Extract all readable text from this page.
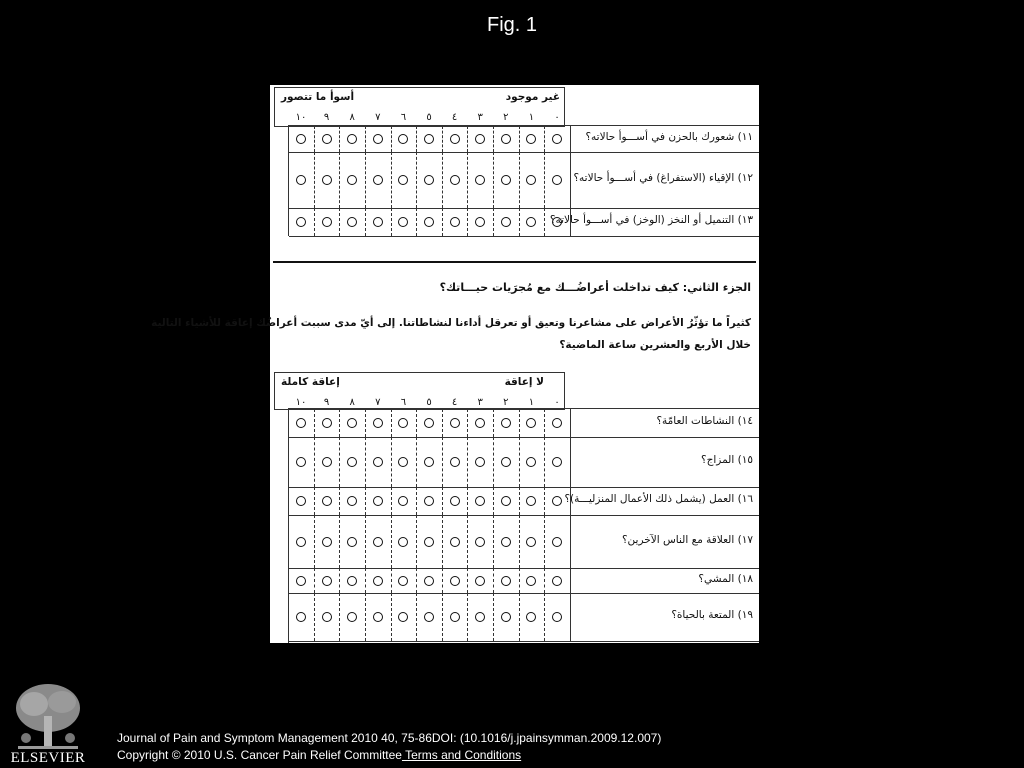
Fig. 1
أسوأ ما تتصور	غير موجود
١٠	٩	٨	٧	٦	٥	٤	٣	٢	١	٠
١١) شعورك بالحزن في أســـوأ حالاته؟
١٢) الإقياء (الاستفراغ) في أســـوأ حالاته؟
١٣) التنميل أو النخز (الوخز) في أســـوأ حالاته؟
الجزء الثاني: كيف تداخلت أعراضُـــك مع مُجرَيات حيـــاتك؟
كثيراً ما تؤثّرُ الأعراض على مشاعرنا وتعيق أو تعرقل أداءنا لنشاطاتنا. إلى أيّ مدى سببت أعراضُك إعاقة للأشياء التالية
خلال الأربع والعشرين ساعة الماضية؟
إعاقة كاملة	لا إعاقة
١٠	٩	٨	٧	٦	٥	٤	٣	٢	١	٠
١٤) النشاطات العامّة؟
١٥) المزاج؟
١٦) العمل (يشمل ذلك الأعمال المنزليـــة)؟
١٧) العلاقة مع الناس الآخرين؟
١٨) المشي؟
١٩) المتعة بالحياة؟
ELSEVIER
Journal of Pain and Symptom Management 2010 40, 75-86DOI: (10.1016/j.jpainsymman.2009.12.007)
Copyright © 2010 U.S. Cancer Pain Relief Committee Terms and Conditions
